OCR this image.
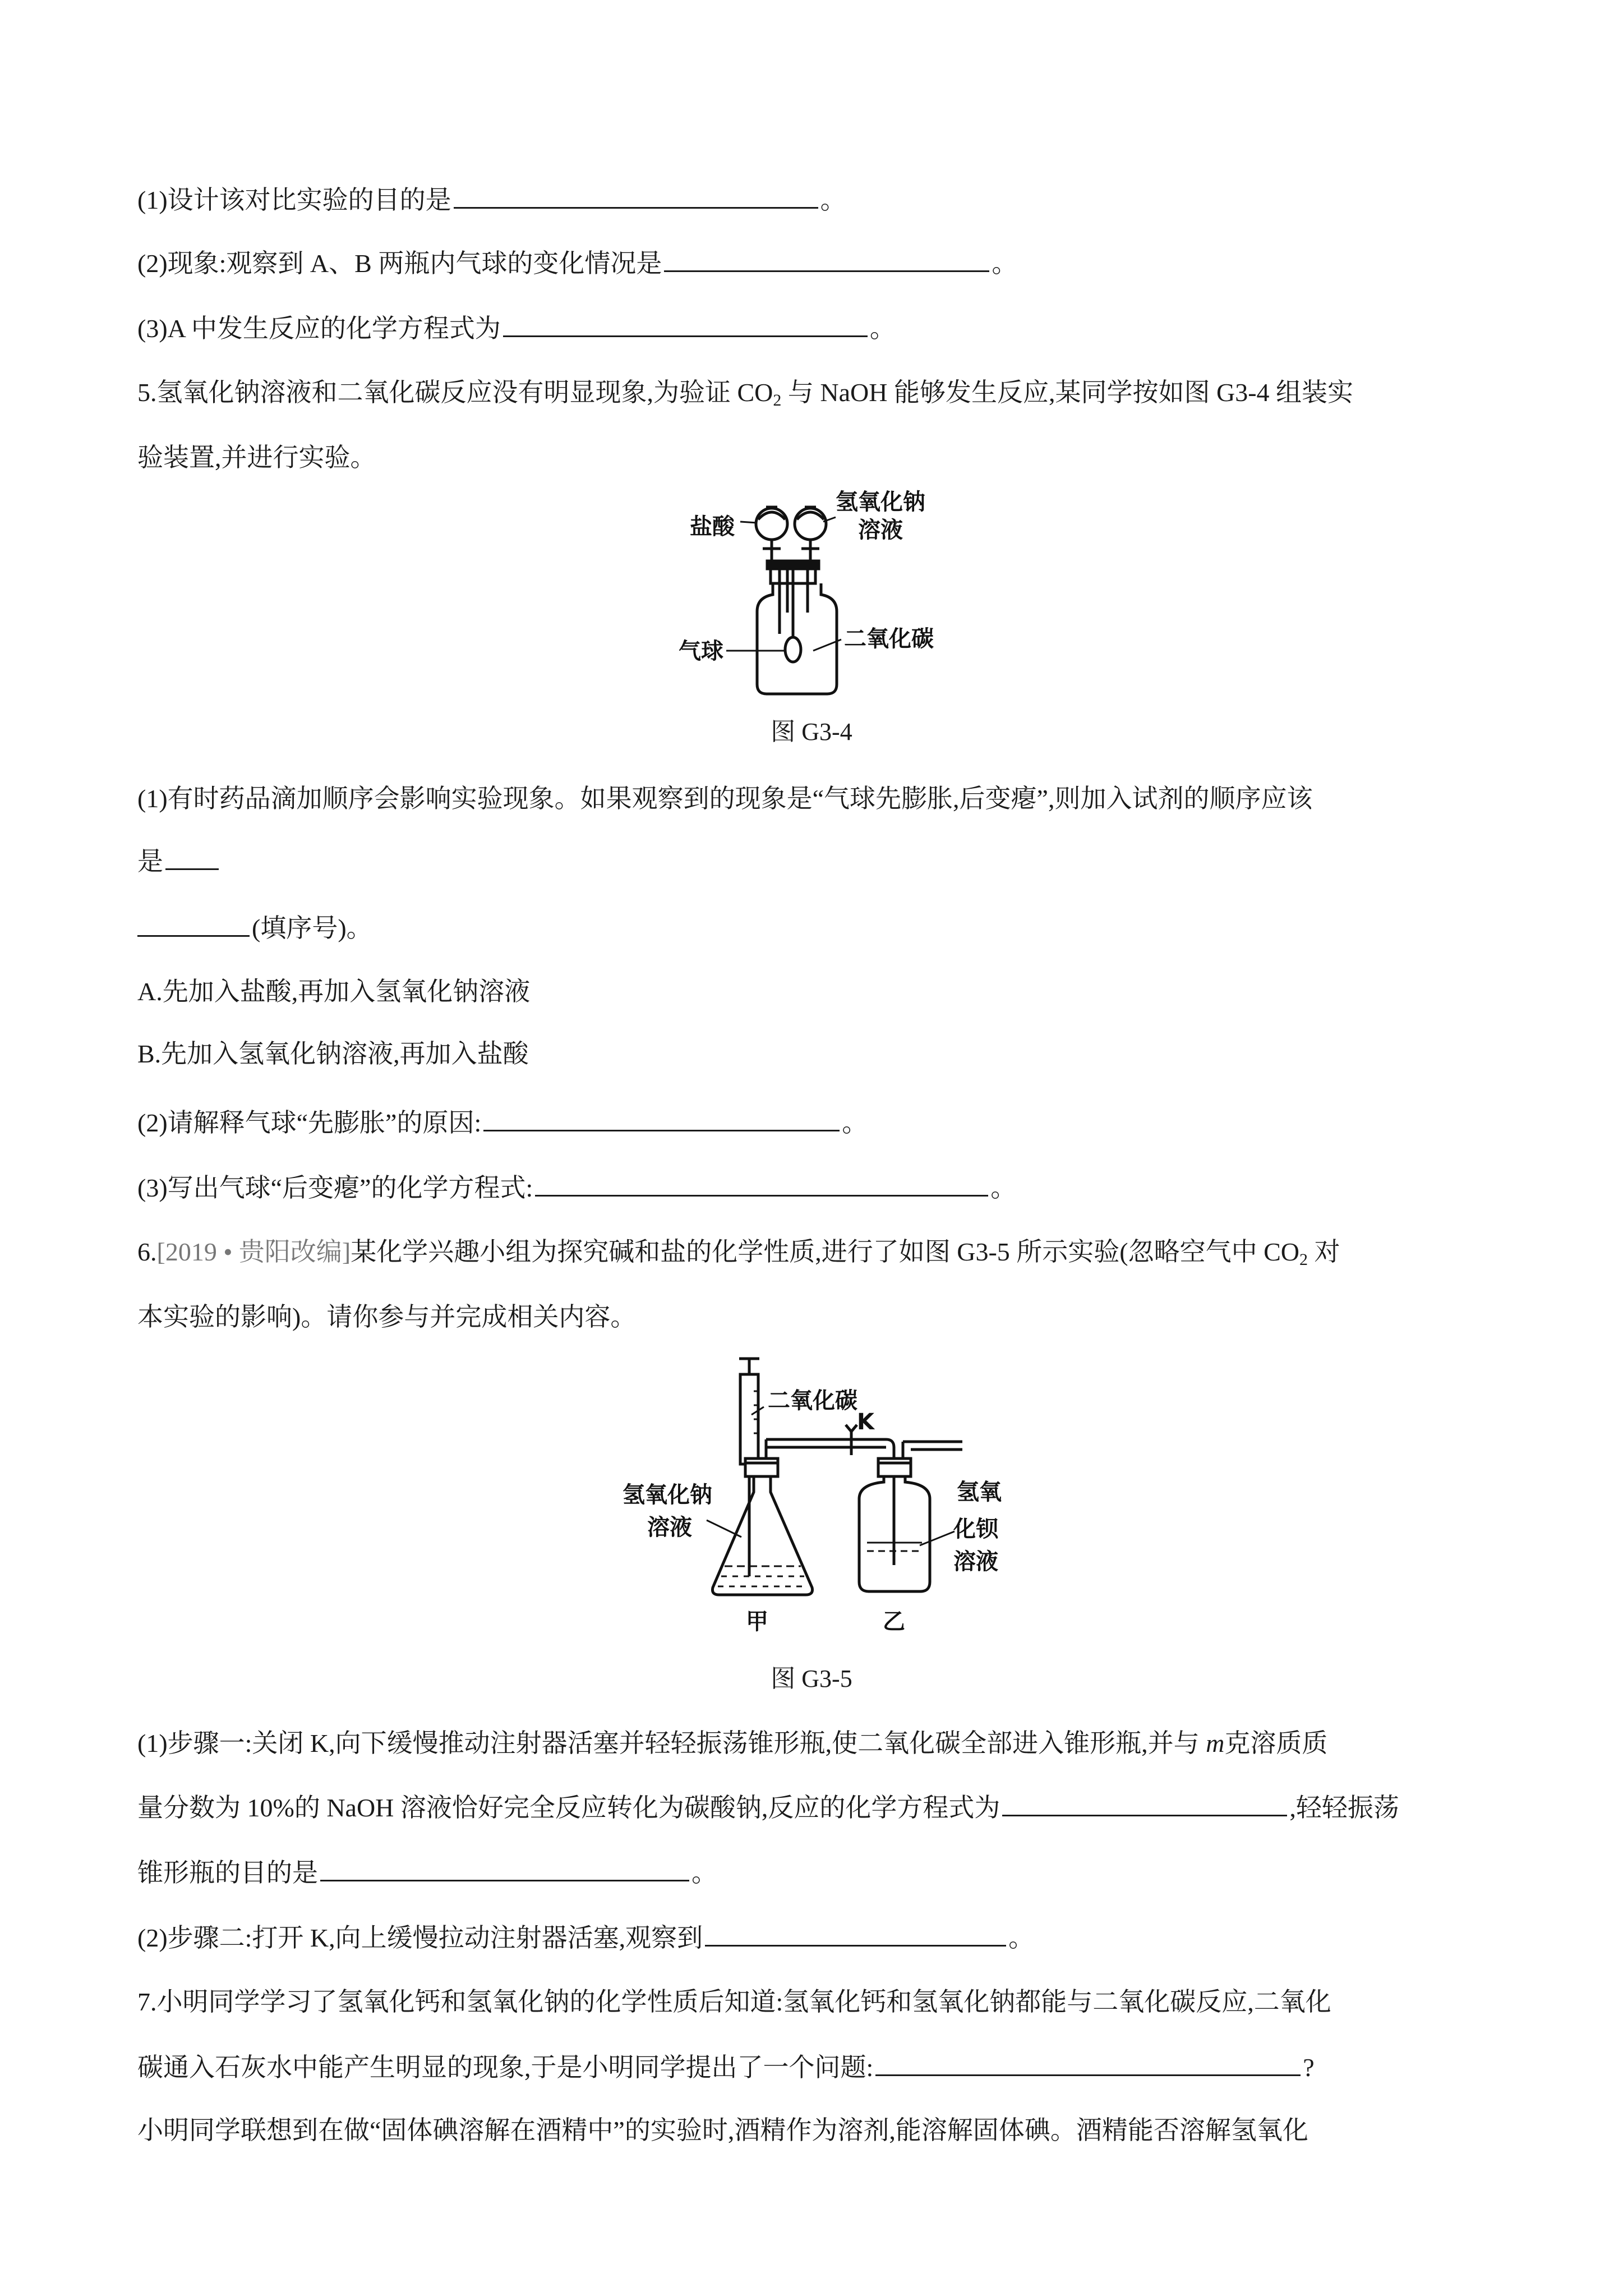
(1)设计该对比实验的目的是	。
(2)现象:观察到 A、B 两瓶内气球的变化情况是	。
(3)A 中发生反应的化学方程式为	。
5.氢氧化钠溶液和二氧化碳反应没有明显现象,为验证 $CO_2$ 与 NaOH 能够发生反应,某同学按如图 G3-4 组装实
验装置,并进行实验。
盐酸
氢氧化钠
溶液
气球	二氧化碳
图 G3-4
(1)有时药品滴加顺序会影响实验现象。如果观察到的现象是“气球先膨胀,后变瘪”,则加入试剂的顺序应该
是
(填序号)。
A.先加入盐酸,再加入氢氧化钠溶液
B.先加入氢氧化钠溶液,再加入盐酸
(2)请解释气球“先膨胀”的原因:	。
(3)写出气球“后变瘪”的化学方程式:	。
6.[2019 • 贵阳改编]某化学兴趣小组为探究碱和盐的化学性质,进行了如图 G3-5 所示实验(忽略空气中 $CO_2$ 对
本实验的影响)。请你参与并完成相关内容。
二氧化碳
K
氢氧化钠
溶液
氢氧
化钡
溶液
甲	乙
图 G3-5
(1)步骤一:关闭 K,向下缓慢推动注射器活塞并轻轻振荡锥形瓶,使二氧化碳全部进入锥形瓶,并与 m克溶质质
量分数为 10%的 NaOH 溶液恰好完全反应转化为碳酸钠,反应的化学方程式为	,轻轻振荡
锥形瓶的目的是	。
(2)步骤二:打开 K,向上缓慢拉动注射器活塞,观察到	。
7.小明同学学习了氢氧化钙和氢氧化钠的化学性质后知道:氢氧化钙和氢氧化钠都能与二氧化碳反应,二氧化
碳通入石灰水中能产生明显的现象,于是小明同学提出了一个问题:	?
小明同学联想到在做“固体碘溶解在酒精中”的实验时,酒精作为溶剂,能溶解固体碘。酒精能否溶解氢氧化
